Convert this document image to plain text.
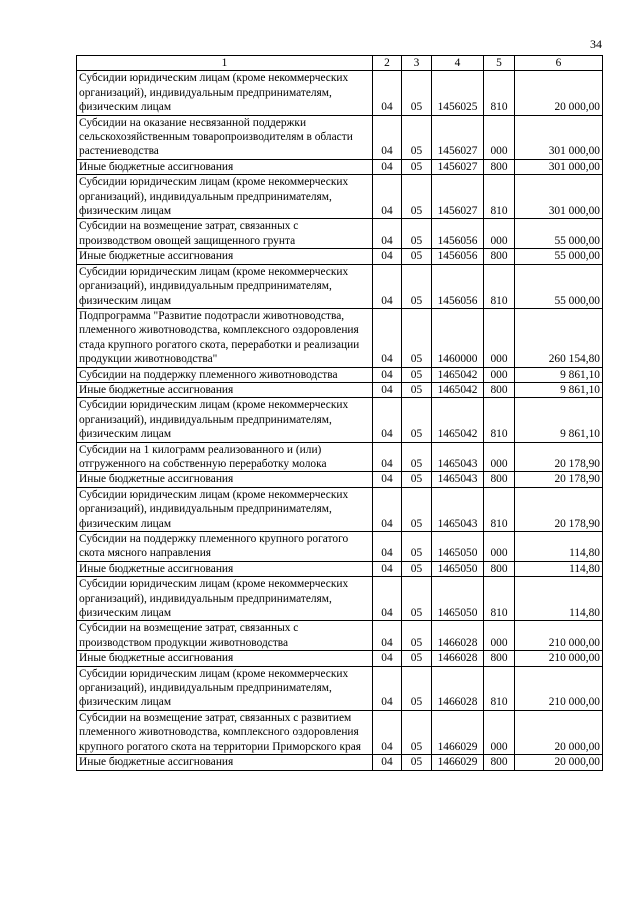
34
1	2	3	4	5	6
Субсидии юридическим лицам (кроме некоммерческих организаций), индивидуальным предпринимателям, физическим лицам	04	05	1456025	810	20 000,00
Субсидии на оказание несвязанной поддержки сельскохозяйственным товаропроизводителям в области растениеводства	04	05	1456027	000	301 000,00
Иные бюджетные ассигнования	04	05	1456027	800	301 000,00
Субсидии юридическим лицам (кроме некоммерческих организаций), индивидуальным предпринимателям, физическим лицам	04	05	1456027	810	301 000,00
Субсидии на возмещение затрат, связанных с производством овощей защищенного грунта	04	05	1456056	000	55 000,00
Иные бюджетные ассигнования	04	05	1456056	800	55 000,00
Субсидии юридическим лицам (кроме некоммерческих организаций), индивидуальным предпринимателям, физическим лицам	04	05	1456056	810	55 000,00
Подпрограмма "Развитие подотрасли животноводства, племенного животноводства, комплексного оздоровления стада крупного рогатого скота, переработки и реализации продукции животноводства"	04	05	1460000	000	260 154,80
Субсидии на поддержку племенного животноводства	04	05	1465042	000	9 861,10
Иные бюджетные ассигнования	04	05	1465042	800	9 861,10
Субсидии юридическим лицам (кроме некоммерческих организаций), индивидуальным предпринимателям, физическим лицам	04	05	1465042	810	9 861,10
Субсидии на 1 килограмм реализованного и (или) отгруженного на собственную переработку молока	04	05	1465043	000	20 178,90
Иные бюджетные ассигнования	04	05	1465043	800	20 178,90
Субсидии юридическим лицам (кроме некоммерческих организаций), индивидуальным предпринимателям, физическим лицам	04	05	1465043	810	20 178,90
Субсидии на поддержку племенного крупного рогатого скота мясного направления	04	05	1465050	000	114,80
Иные бюджетные ассигнования	04	05	1465050	800	114,80
Субсидии юридическим лицам (кроме некоммерческих организаций), индивидуальным предпринимателям, физическим лицам	04	05	1465050	810	114,80
Субсидии на возмещение затрат, связанных с производством продукции животноводства	04	05	1466028	000	210 000,00
Иные бюджетные ассигнования	04	05	1466028	800	210 000,00
Субсидии юридическим лицам (кроме некоммерческих организаций), индивидуальным предпринимателям, физическим лицам	04	05	1466028	810	210 000,00
Субсидии на возмещение затрат, связанных с развитием племенного животноводства, комплексного оздоровления крупного рогатого скота на территории Приморского края	04	05	1466029	000	20 000,00
Иные бюджетные ассигнования	04	05	1466029	800	20 000,00
